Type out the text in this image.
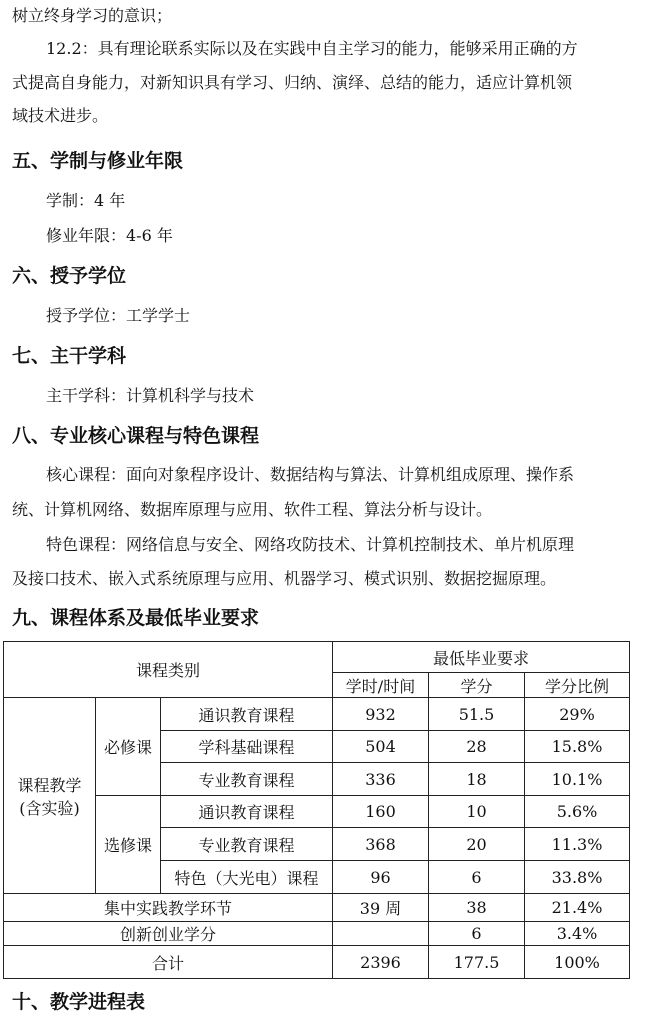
树立终身学习的意识；
12.2：具有理论联系实际以及在实践中自主学习的能力，能够采用正确的方
式提高自身能力，对新知识具有学习、归纳、演绎、总结的能力，适应计算机领
域技术进步。
五、学制与修业年限
学制：4 年
修业年限：4-6 年
六、授予学位
授予学位：工学学士
七、主干学科
主干学科：计算机科学与技术
八、专业核心课程与特色课程
核心课程：面向对象程序设计、数据结构与算法、计算机组成原理、操作系
统、计算机网络、数据库原理与应用、软件工程、算法分析与设计。
特色课程：网络信息与安全、网络攻防技术、计算机控制技术、单片机原理
及接口技术、嵌入式系统原理与应用、机器学习、模式识别、数据挖掘原理。
九、课程体系及最低毕业要求
课程类别			最低毕业要求		
			学时/时间	学分	学分比例

课程教学
(含实验)	必修课	通识教育课程	932	51.5	29%
		学科基础课程	504	28	15.8%
		专业教育课程	336	18	10.1%
	选修课	通识教育课程	160	10	5.6%
		专业教育课程	368	20	11.3%
		特色（大光电）课程	96	6	33.8%
集中实践教学环节			39 周	38	21.4%
创新创业学分				6	3.4%
合计			2396	177.5	100%
十、教学进程表
